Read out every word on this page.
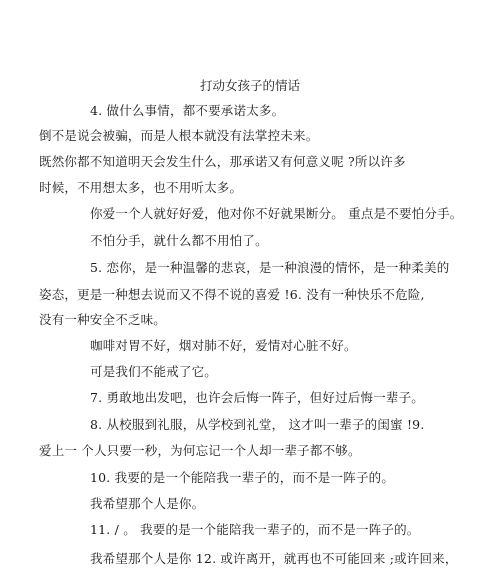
打动女孩子的情话
4. 做什么事情，都不要承诺太多。
倒不是说会被骗，而是人根本就没有法掌控未来。
既然你都不知道明天会发生什么，那承诺又有何意义呢 ?所以许多
时候，不用想太多，也不用听太多。
你爱一个人就好好爱，他对你不好就果断分。 重点是不要怕分手。
不怕分手，就什么都不用怕了。
5. 恋你，是一种温馨的悲哀，是一种浪漫的情怀，是一种柔美的
姿态，更是一种想去说而又不得不说的喜爱 !6. 没有一种快乐不危险,
没有一种安全不乏味。
咖啡对胃不好，烟对肺不好，爱情对心脏不好。
可是我们不能戒了它。
7. 勇敢地出发吧，也许会后悔一阵子，但好过后悔一辈子。
8. 从校服到礼服，从学校到礼堂， 这才叫一辈子的闺蜜 !9.
爱上一 个人只要一秒，为何忘记一个人却一辈子都不够。
10. 我要的是一个能陪我一辈子的，而不是一阵子的。
我希望那个人是你。
11. / 。 我要的是一个能陪我一辈子的，而不是一阵子的。
我希望那个人是你 12. 或许离开，就再也不可能回来 ;或许回来，
